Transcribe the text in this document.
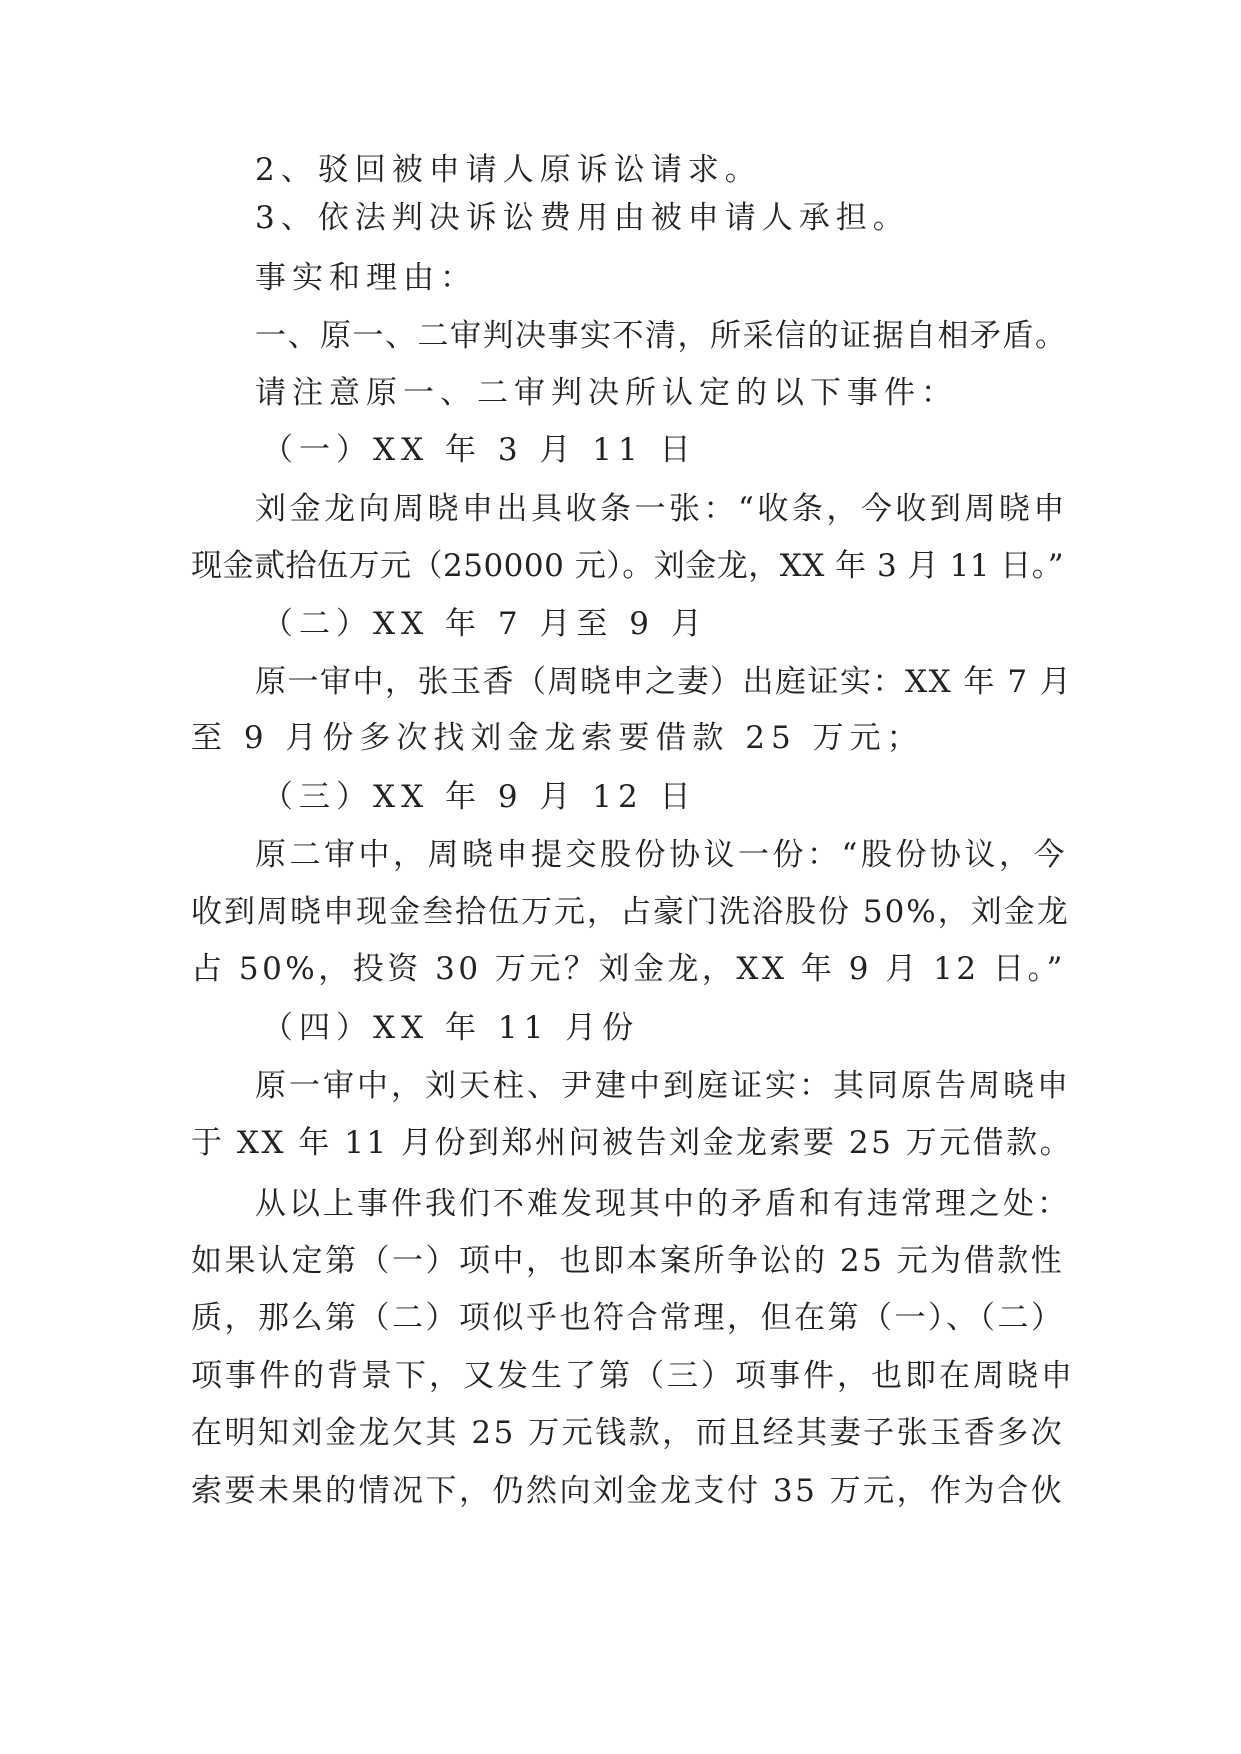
2、驳回被申请人原诉讼请求。
3、依法判决诉讼费用由被申请人承担。
事实和理由：
一、原一、二审判决事实不清，所采信的证据自相矛盾。
请注意原一、二审判决所认定的以下事件：
（一）XX 年 3 月 11 日
刘金龙向周晓申出具收条一张：“收条，今收到周晓申
现金贰拾伍万元（250000 元）。刘金龙，XX 年 3 月 11 日。”
（二）XX 年 7 月至 9 月
原一审中，张玉香（周晓申之妻）出庭证实：XX 年 7 月
至 9 月份多次找刘金龙索要借款 25 万元；
（三）XX 年 9 月 12 日
原二审中，周晓申提交股份协议一份：“股份协议，今
收到周晓申现金叁拾伍万元，占豪门洗浴股份 50%，刘金龙
占 50%，投资 30 万元？刘金龙，XX 年 9 月 12 日。”
（四）XX 年 11 月份
原一审中，刘天柱、尹建中到庭证实：其同原告周晓申
于 XX 年 11 月份到郑州问被告刘金龙索要 25 万元借款。
从以上事件我们不难发现其中的矛盾和有违常理之处：
如果认定第（一）项中，也即本案所争讼的 25 元为借款性
质，那么第（二）项似乎也符合常理，但在第（一）、（二）
项事件的背景下，又发生了第（三）项事件，也即在周晓申
在明知刘金龙欠其 25 万元钱款，而且经其妻子张玉香多次
索要未果的情况下，仍然向刘金龙支付 35 万元，作为合伙
